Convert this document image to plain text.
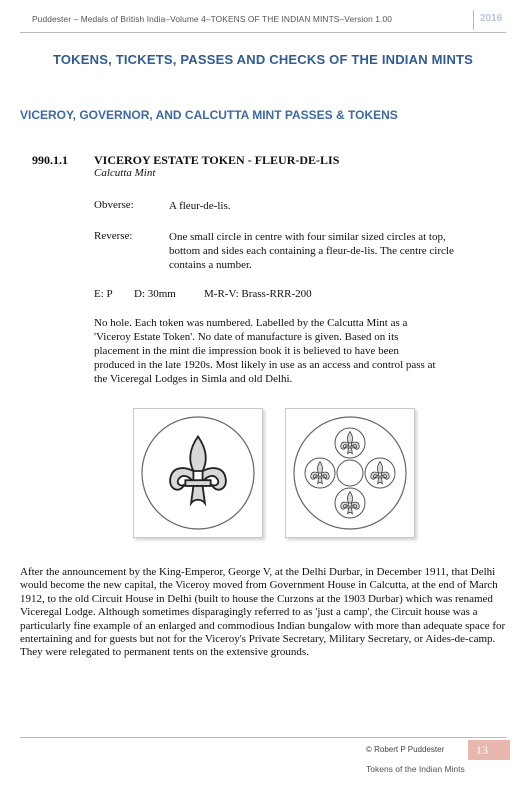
Puddester – Medals of British India–Volume 4–TOKENS OF THE INDIAN MINTS–Version 1.00	2016
TOKENS, TICKETS, PASSES AND CHECKS OF THE INDIAN MINTS
VICEROY, GOVERNOR, AND CALCUTTA MINT PASSES & TOKENS
990.1.1 VICEROY ESTATE TOKEN - FLEUR-DE-LIS
Calcutta Mint
Obverse:	A fleur-de-lis.
Reverse:	One small circle in centre with four similar sized circles at top,
bottom and sides each containing a fleur-de-lis. The centre circle
contains a number.
E: P D: 30mm	M-R-V: Brass-RRR-200
No hole. Each token was numbered. Labelled by the Calcutta Mint as a 'Viceroy Estate Token'. No date of manufacture is given. Based on its placement in the mint die impression book it is believed to have been produced in the late 1920s. Most likely in use as an access and control pass at the Viceregal Lodges in Simla and old Delhi.
After the announcement by the King-Emperor, George V, at the Delhi Durbar, in December 1911, that Delhi would become the new capital, the Viceroy moved from Government House in Calcutta, at the end of March 1912, to the old Circuit House in Delhi (built to house the Curzons at the 1903 Durbar) which was renamed Viceregal Lodge. Although sometimes disparagingly referred to as 'just a camp', the Circuit house was a particularly fine example of an enlarged and commodious Indian bungalow with more than adequate space for entertaining and for guests but not for the Viceroy's Private Secretary, Military Secretary, or Aides-de-camp. They were relegated to permanent tents on the extensive grounds.
© Robert P Puddester	13
Tokens of the Indian Mints
